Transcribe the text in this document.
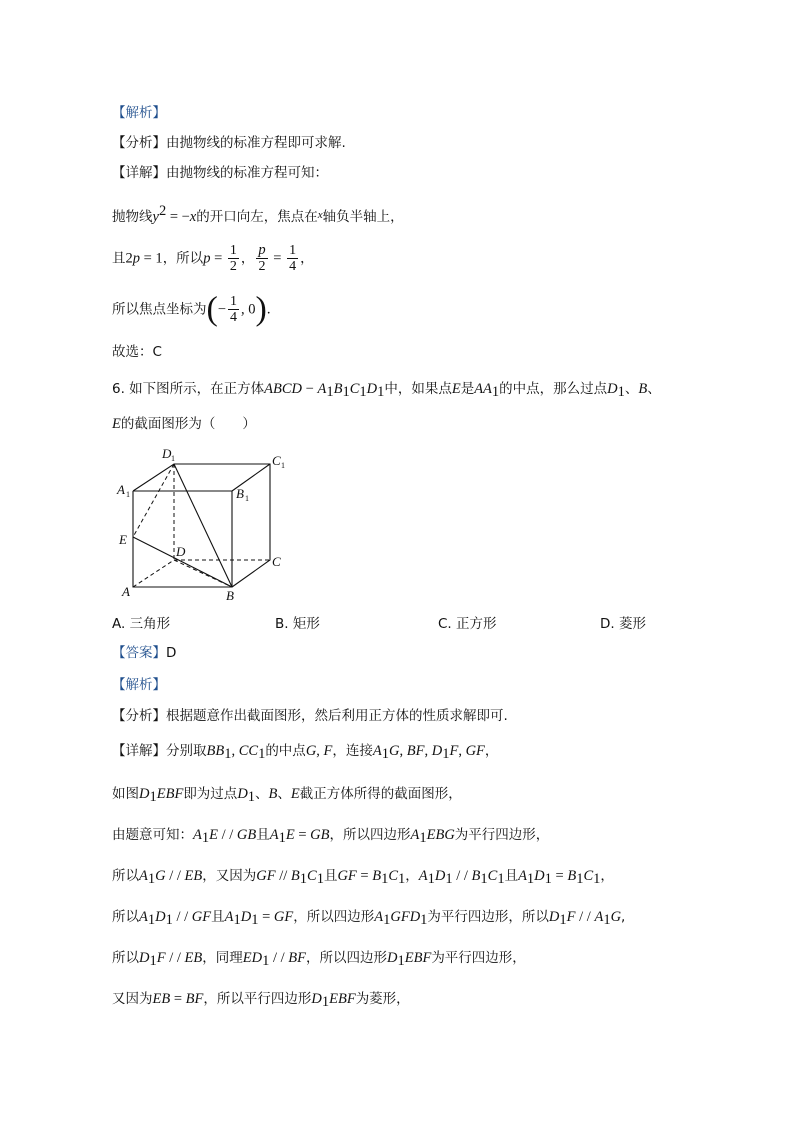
【解析】
【分析】由抛物线的标准方程即可求解.
【详解】由抛物线的标准方程可知：
抛物线$y^2 = -x$的开口向左，焦点在$^x$轴负半轴上，
且2p = 1，所以$p = \frac{1}{2}$ ， $\frac{p}{2} = \frac{1}{4}$ ，
所以焦点坐标为(− $\frac{1}{4}$ , 0).
故选：C
6. 如下图所示，在正方体ABCD − $A_1B_1C_1D_1$中，如果点E是$AA_1$的中点，那么过点$D_1$、B、
E的截面图形为（　　）
D 1	C 1
A 1	B 1
E
D
C
A	B
A. 三角形	B. 矩形	C. 正方形	D. 菱形
【答案】D
【解析】
【分析】根据题意作出截面图形，然后利用正方体的性质求解即可.
【详解】分别取$BB_1$, $CC_1$的中点G, F，连接$A_1G$, BF, $D_1F$, GF，
如图$D_1EBF$即为过点$D_1$、B、E截正方体所得的截面图形，
由题意可知：$A_1E$ / / GB且$A_1E$ = GB，所以四边形$A_1EBG$为平行四边形，
所以$A_1G$ / / EB，又因为GF // $B_1C_1$且GF = $B_1C_1$，$A_1D_1$ / / $B_1C_1$且$A_1D_1 = B_1C_1$，
所以$A_1D_1$ / / GF且$A_1D_1$ = GF，所以四边形$A_1GFD_1$为平行四边形，所以$D_1F$ / / $A_1G$,
所以$D_1F$ / / EB，同理$ED_1$ / / BF，所以四边形$D_1EBF$为平行四边形，
又因为EB = BF，所以平行四边形$D_1EBF$为菱形，
